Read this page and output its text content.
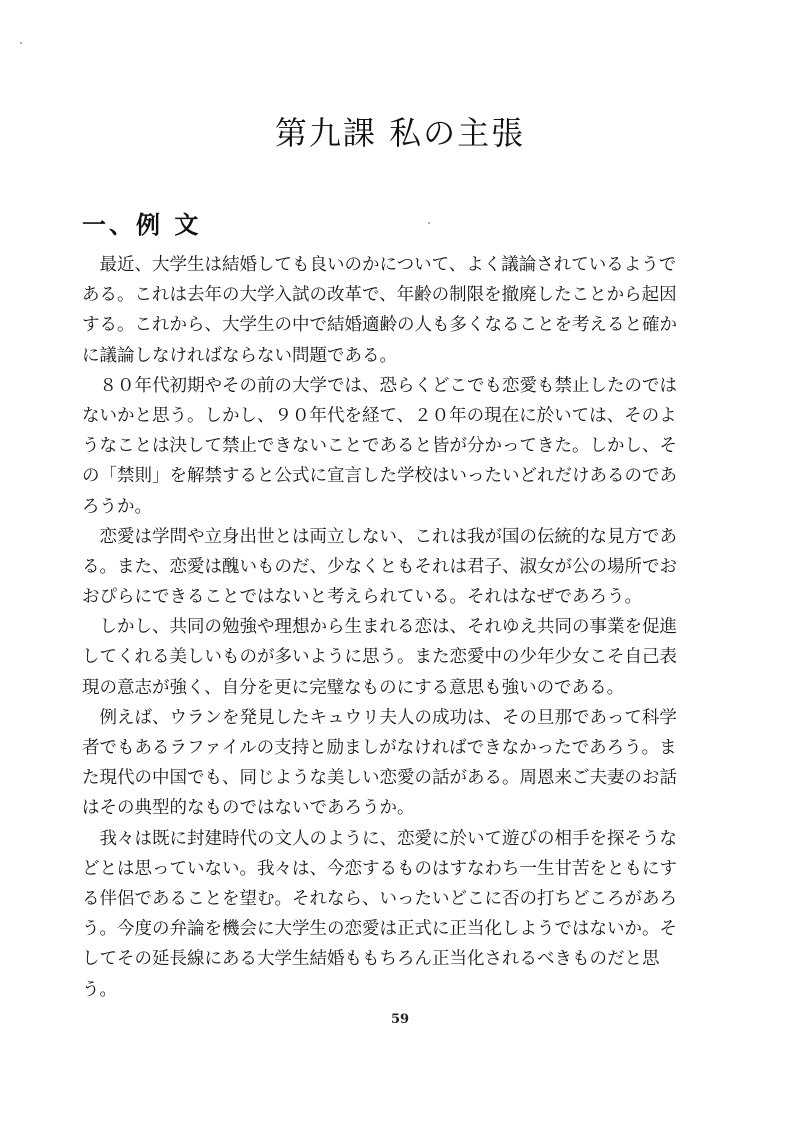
第九課 私の主張
一、例 文
　最近、大学生は結婚しても良いのかについて、よく議論されているようで
ある。これは去年の大学入試の改革で、年齢の制限を撤廃したことから起因
する。これから、大学生の中で結婚適齢の人も多くなることを考えると確か
に議論しなければならない問題である。
　８０年代初期やその前の大学では、恐らくどこでも恋愛も禁止したのでは
ないかと思う。しかし、９０年代を経て、２０年の現在に於いては、そのよ
うなことは決して禁止できないことであると皆が分かってきた。しかし、そ
の「禁則」を解禁すると公式に宣言した学校はいったいどれだけあるのであ
ろうか。
　恋愛は学問や立身出世とは両立しない、これは我が国の伝統的な見方であ
る。また、恋愛は醜いものだ、少なくともそれは君子、淑女が公の場所でお
おぴらにできることではないと考えられている。それはなぜであろう。
　しかし、共同の勉強や理想から生まれる恋は、それゆえ共同の事業を促進
してくれる美しいものが多いように思う。また恋愛中の少年少女こそ自己表
現の意志が強く、自分を更に完璧なものにする意思も強いのである。
　例えば、ウランを発見したキュウリ夫人の成功は、その旦那であって科学
者でもあるラファイルの支持と励ましがなければできなかったであろう。ま
た現代の中国でも、同じような美しい恋愛の話がある。周恩来ご夫妻のお話
はその典型的なものではないであろうか。
　我々は既に封建時代の文人のように、恋愛に於いて遊びの相手を探そうな
どとは思っていない。我々は、今恋するものはすなわち一生甘苦をともにす
る伴侶であることを望む。それなら、いったいどこに否の打ちどころがあろ
う。今度の弁論を機会に大学生の恋愛は正式に正当化しようではないか。そ
してその延長線にある大学生結婚ももちろん正当化されるべきものだと思
う。
59
